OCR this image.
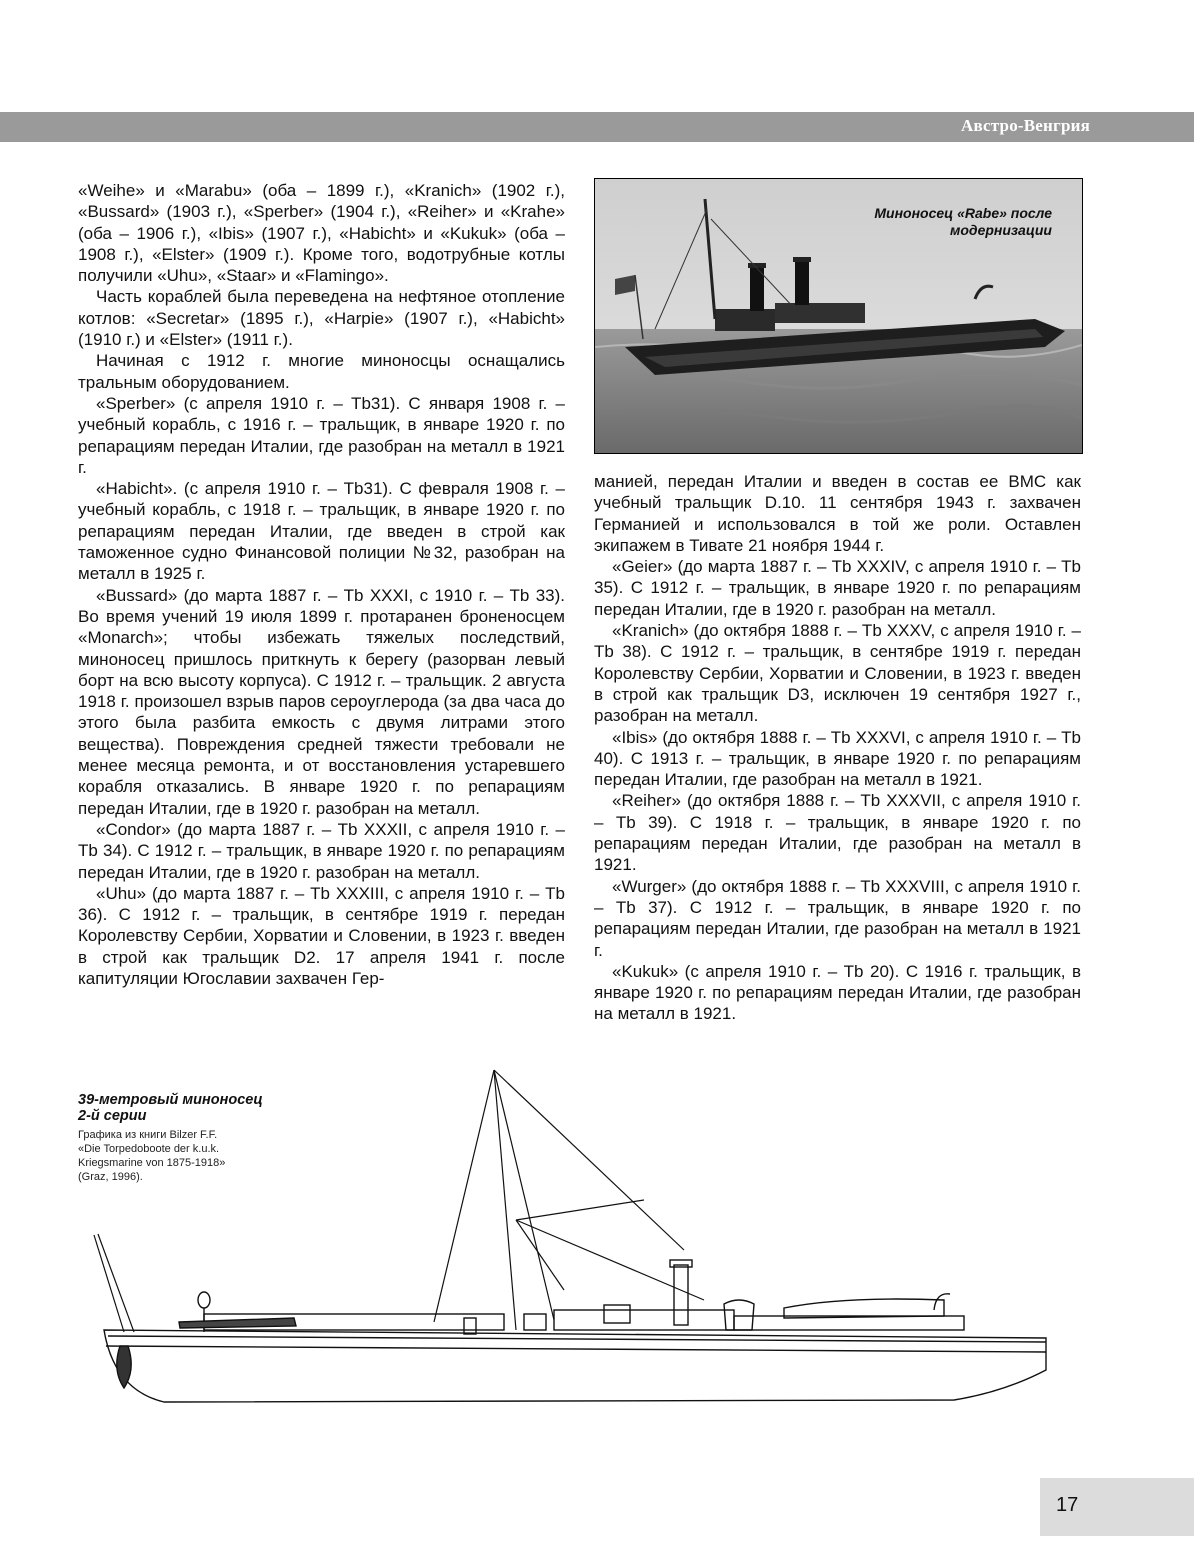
Австро-Венгрия

«Weihe» и «Marabu» (оба – 1899 г.), «Kranich» (1902 г.), «Bussard» (1903 г.), «Sperber» (1904 г.), «Reiher» и «Krahe» (оба – 1906 г.), «Ibis» (1907 г.), «Habicht» и «Kukuk» (оба – 1908 г.), «Elster» (1909 г.). Кроме того, водотрубные котлы получили «Uhu», «Staar» и «Flamingo».

Часть кораблей была переведена на нефтяное отопление котлов: «Secretar» (1895 г.), «Harpie» (1907 г.), «Habicht» (1910 г.) и «Elster» (1911 г.).

Начиная с 1912 г. многие миноносцы оснащались тральным оборудованием.

«Sperber» (с апреля 1910 г. – Tb31). С января 1908 г. – учебный корабль, с 1916 г. – тральщик, в январе 1920 г. по репарациям передан Италии, где разобран на металл в 1921 г.

«Habicht». (с апреля 1910 г. – Tb31). С февраля 1908 г. – учебный корабль, с 1918 г. – тральщик, в январе 1920 г. по репарациям передан Италии, где введен в строй как таможенное судно Финансовой полиции №32, разобран на металл в 1925 г.

«Bussard» (до марта 1887 г. – Tb XXXI, с 1910 г. – Tb 33). Во время учений 19 июля 1899 г. протаранен броненосцем «Monarch»; чтобы избежать тяжелых последствий, миноносец пришлось приткнуть к берегу (разорван левый борт на всю высоту корпуса). С 1912 г. – тральщик. 2 августа 1918 г. произошел взрыв паров сероуглерода (за два часа до этого была разбита емкость с двумя литрами этого вещества). Повреждения средней тяжести требовали не менее месяца ремонта, и от восстановления устаревшего корабля отказались. В январе 1920 г. по репарациям передан Италии, где в 1920 г. разобран на металл.

«Condor» (до марта 1887 г. – Tb XXXII, с апреля 1910 г. – Tb 34). С 1912 г. – тральщик, в январе 1920 г. по репарациям передан Италии, где в 1920 г. разобран на металл.

«Uhu» (до марта 1887 г. – Tb XXXIII, с апреля 1910 г. – Tb 36). С 1912 г. – тральщик, в сентябре 1919 г. передан Королевству Сербии, Хорватии и Словении, в 1923 г. введен в строй как тральщик D2. 17 апреля 1941 г. после капитуляции Югославии захвачен Гер-

Миноносец «Rabe» после
модернизации

манией, передан Италии и введен в состав ее ВМС как учебный тральщик D.10. 11 сентября 1943 г. захвачен Германией и использовался в той же роли. Оставлен экипажем в Тивате 21 ноября 1944 г.

«Geier» (до марта 1887 г. – Tb XXXIV, с апреля 1910 г. – Tb 35). С 1912 г. – тральщик, в январе 1920 г. по репарациям передан Италии, где в 1920 г. разобран на металл.

«Kranich» (до октября 1888 г. – Tb XXXV, с апреля 1910 г. – Tb 38). С 1912 г. – тральщик, в сентябре 1919 г. передан Королевству Сербии, Хорватии и Словении, в 1923 г. введен в строй как тральщик D3, исключен 19 сентября 1927 г., разобран на металл.

«Ibis» (до октября 1888 г. – Tb XXXVI, с апреля 1910 г. – Tb 40). С 1913 г. – тральщик, в январе 1920 г. по репарациям передан Италии, где разобран на металл в 1921.

«Reiher» (до октября 1888 г. – Tb XXXVII, с апреля 1910 г. – Tb 39). С 1918 г. – тральщик, в январе 1920 г. по репарациям передан Италии, где разобран на металл в 1921.

«Wurger» (до октября 1888 г. – Tb XXXVIII, с апреля 1910 г. – Tb 37). С 1912 г. – тральщик, в январе 1920 г. по репарациям передан Италии, где разобран на металл в 1921 г.

«Kukuk» (с апреля 1910 г. – Tb 20). С 1916 г. тральщик, в январе 1920 г. по репарациям передан Италии, где разобран на металл в 1921.

39-метровый миноносец
2-й серии
Графика из книги Bilzer F.F.
«Die Torpedoboote der k.u.k.
Kriegsmarine von 1875-1918»
(Graz, 1996).
17
